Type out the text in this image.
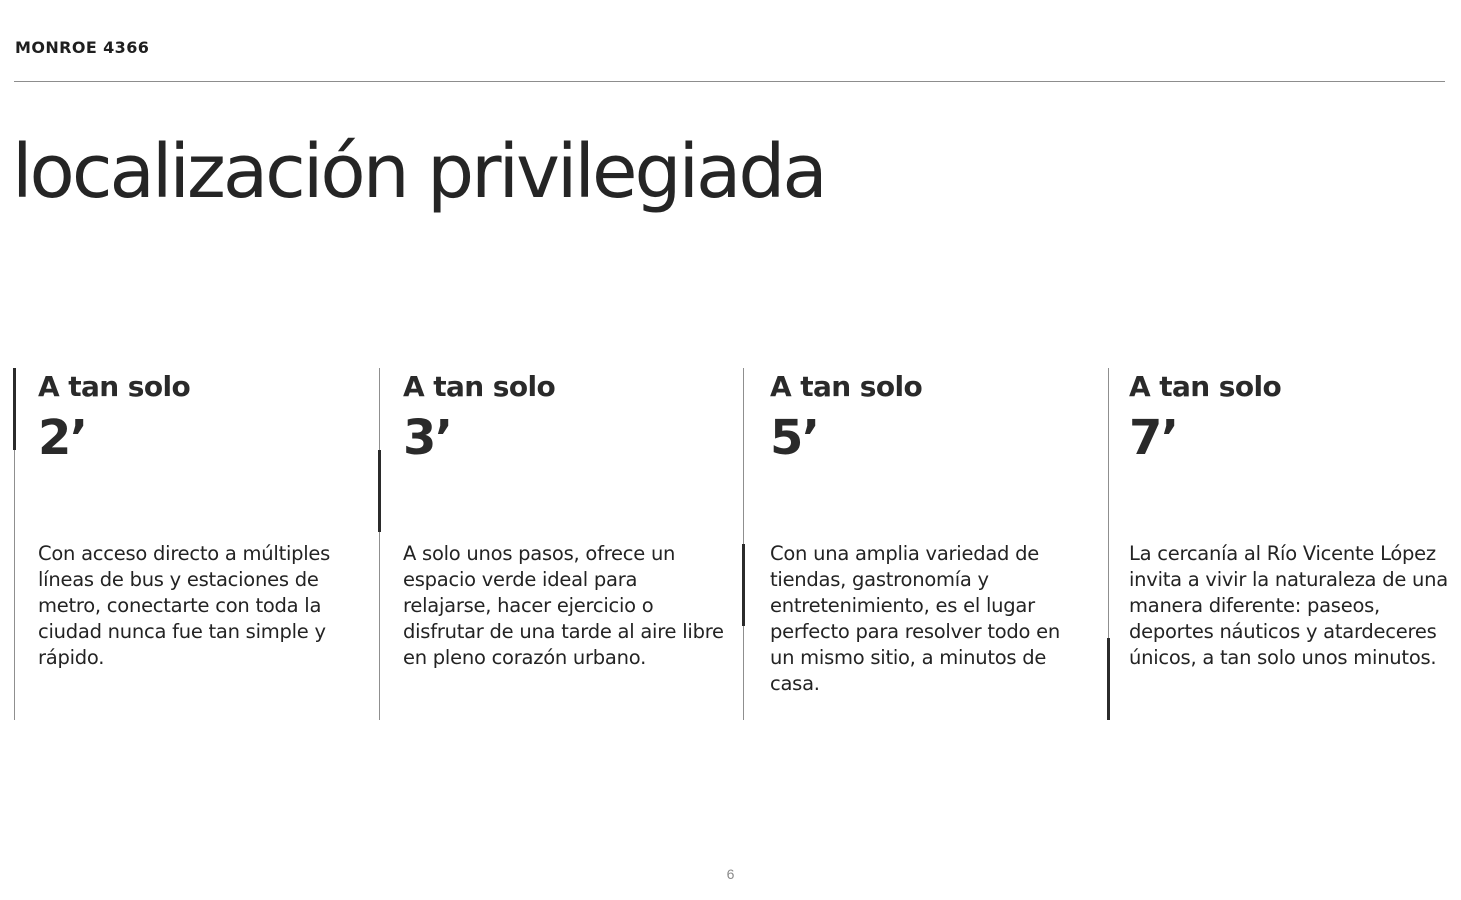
MONROE 4366
localización privilegiada
A tan solo
2’

Con acceso directo a múltiples líneas de bus y estaciones de metro, conectarte con toda la ciudad nunca fue tan simple y rápido.

A tan solo
3’

A solo unos pasos, ofrece un espacio verde ideal para relajarse, hacer ejercicio o disfrutar de una tarde al aire libre en pleno corazón urbano.

A tan solo
5’

Con una amplia variedad de tiendas, gastronomía y entretenimiento, es el lugar perfecto para resolver todo en un mismo sitio, a minutos de casa.

A tan solo
7’

La cercanía al Río Vicente López invita a vivir la naturaleza de una manera diferente: paseos, deportes náuticos y atardeceres únicos, a tan solo unos minutos.

6
